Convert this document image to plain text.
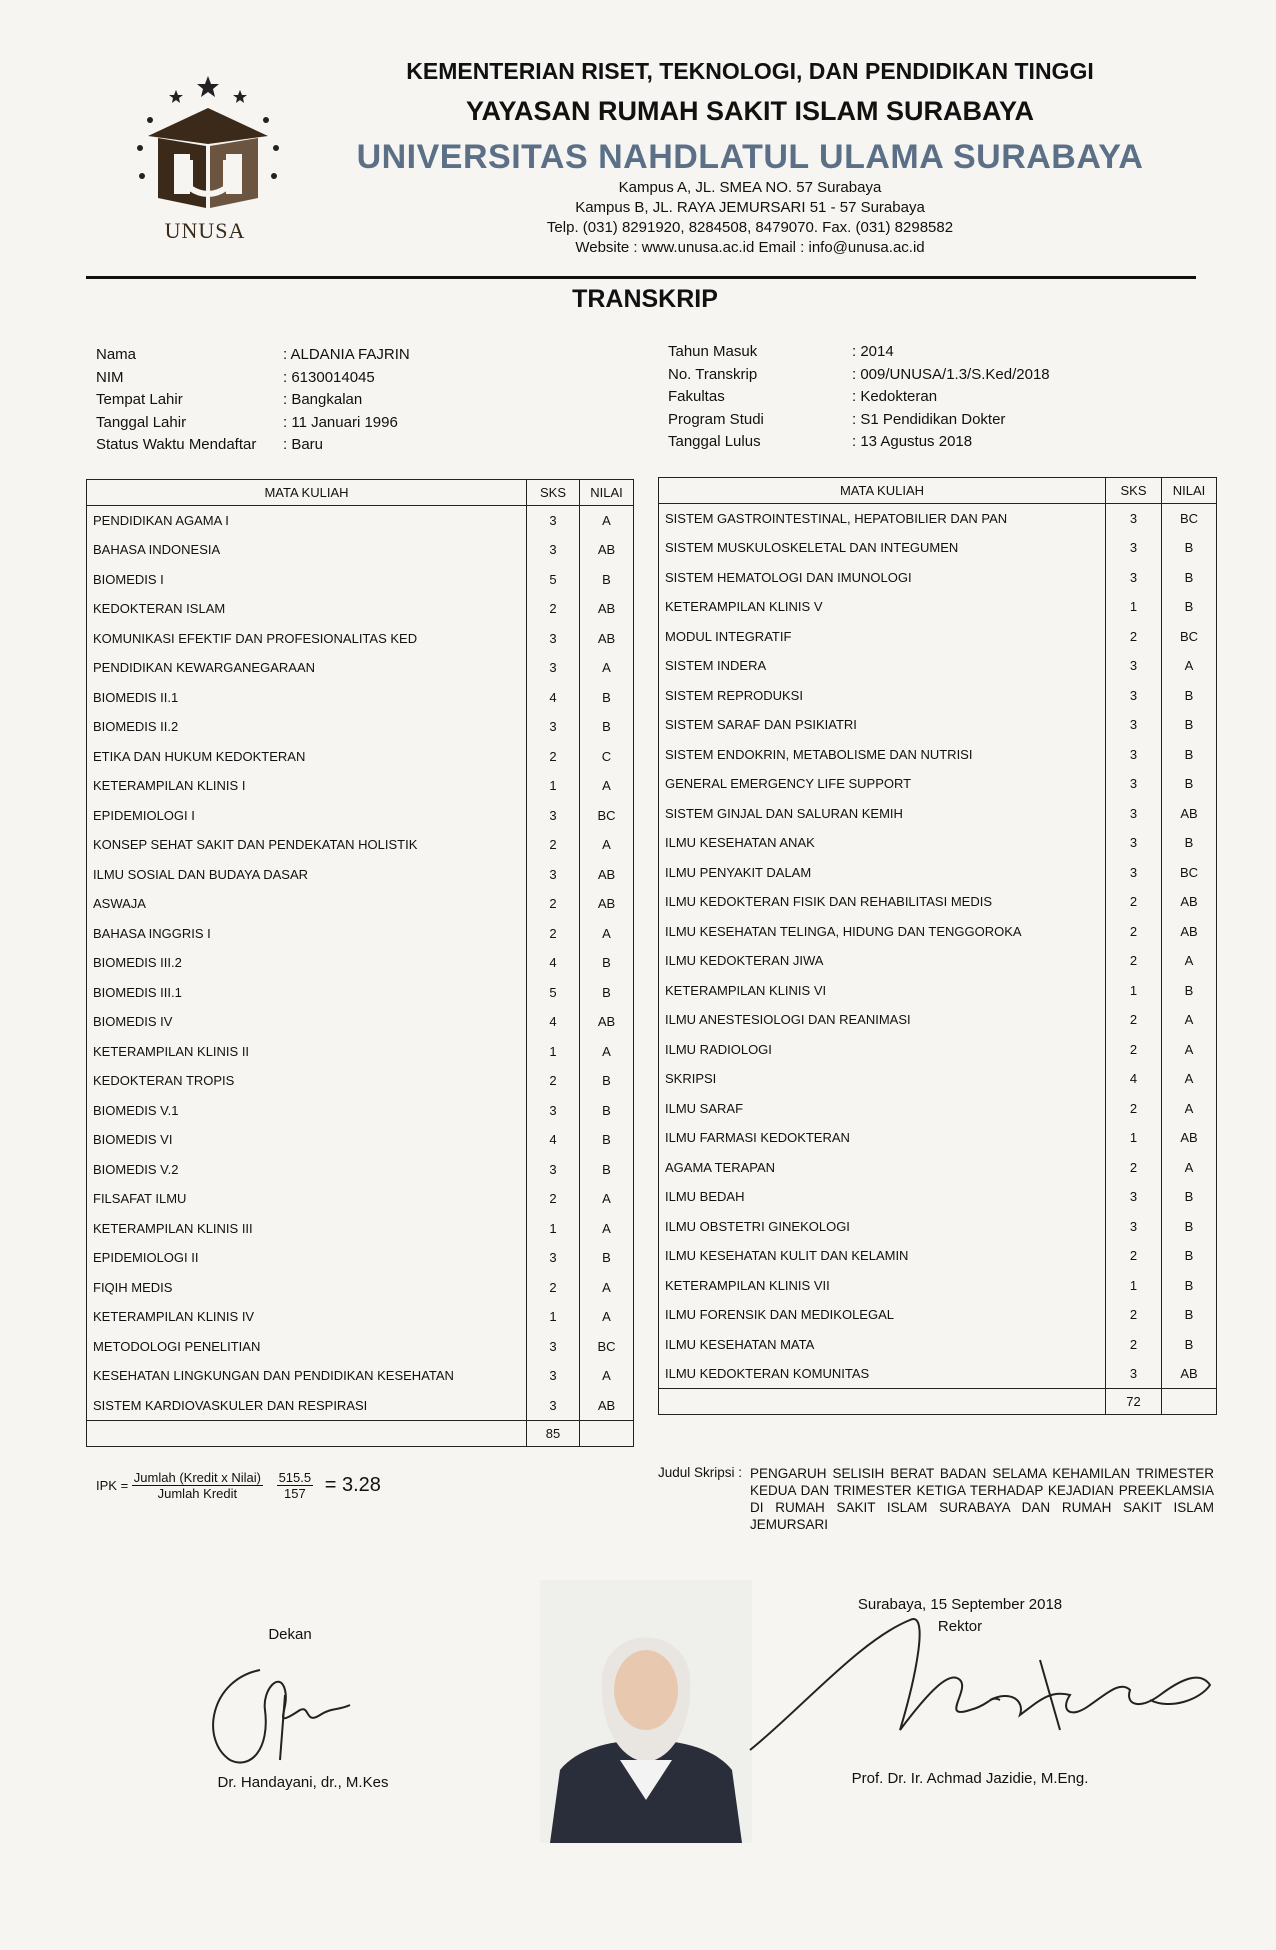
UNUSA
KEMENTERIAN RISET, TEKNOLOGI, DAN PENDIDIKAN TINGGI
YAYASAN RUMAH SAKIT ISLAM SURABAYA
UNIVERSITAS NAHDLATUL ULAMA SURABAYA
Kampus A, JL. SMEA NO. 57 Surabaya
Kampus B, JL. RAYA JEMURSARI 51 - 57 Surabaya
Telp. (031) 8291920, 8284508, 8479070. Fax. (031) 8298582
Website : www.unusa.ac.id Email : info@unusa.ac.id
TRANSKRIP
Nama	: ALDANIA FAJRIN
NIM	: 6130014045
Tempat Lahir	: Bangkalan
Tanggal Lahir	: 11 Januari 1996
Status Waktu Mendaftar	: Baru
Tahun Masuk	: 2014
No. Transkrip	: 009/UNUSA/1.3/S.Ked/2018
Fakultas	: Kedokteran
Program Studi	: S1 Pendidikan Dokter
Tanggal Lulus	: 13 Agustus 2018
MATA KULIAH	SKS	NILAI
PENDIDIKAN AGAMA I	3	A
BAHASA INDONESIA	3	AB
BIOMEDIS I	5	B
KEDOKTERAN ISLAM	2	AB
KOMUNIKASI EFEKTIF DAN PROFESIONALITAS KED	3	AB
PENDIDIKAN KEWARGANEGARAAN	3	A
BIOMEDIS II.1	4	B
BIOMEDIS II.2	3	B
ETIKA DAN HUKUM KEDOKTERAN	2	C
KETERAMPILAN KLINIS I	1	A
EPIDEMIOLOGI I	3	BC
KONSEP SEHAT SAKIT DAN PENDEKATAN HOLISTIK	2	A
ILMU SOSIAL DAN BUDAYA DASAR	3	AB
ASWAJA	2	AB
BAHASA INGGRIS I	2	A
BIOMEDIS III.2	4	B
BIOMEDIS III.1	5	B
BIOMEDIS IV	4	AB
KETERAMPILAN KLINIS II	1	A
KEDOKTERAN TROPIS	2	B
BIOMEDIS V.1	3	B
BIOMEDIS VI	4	B
BIOMEDIS V.2	3	B
FILSAFAT ILMU	2	A
KETERAMPILAN KLINIS III	1	A
EPIDEMIOLOGI II	3	B
FIQIH MEDIS	2	A
KETERAMPILAN KLINIS IV	1	A
METODOLOGI PENELITIAN	3	BC
KESEHATAN LINGKUNGAN DAN PENDIDIKAN KESEHATAN	3	A
SISTEM KARDIOVASKULER DAN RESPIRASI	3	AB
	85	
MATA KULIAH	SKS	NILAI
SISTEM GASTROINTESTINAL, HEPATOBILIER DAN PAN	3	BC
SISTEM MUSKULOSKELETAL DAN INTEGUMEN	3	B
SISTEM HEMATOLOGI DAN IMUNOLOGI	3	B
KETERAMPILAN KLINIS V	1	B
MODUL INTEGRATIF	2	BC
SISTEM INDERA	3	A
SISTEM REPRODUKSI	3	B
SISTEM SARAF DAN PSIKIATRI	3	B
SISTEM ENDOKRIN, METABOLISME DAN NUTRISI	3	B
GENERAL EMERGENCY LIFE SUPPORT	3	B
SISTEM GINJAL DAN SALURAN KEMIH	3	AB
ILMU KESEHATAN ANAK	3	B
ILMU PENYAKIT DALAM	3	BC
ILMU KEDOKTERAN FISIK DAN REHABILITASI MEDIS	2	AB
ILMU KESEHATAN TELINGA, HIDUNG DAN TENGGOROKA	2	AB
ILMU KEDOKTERAN JIWA	2	A
KETERAMPILAN KLINIS VI	1	B
ILMU ANESTESIOLOGI DAN REANIMASI	2	A
ILMU RADIOLOGI	2	A
SKRIPSI	4	A
ILMU SARAF	2	A
ILMU FARMASI KEDOKTERAN	1	AB
AGAMA TERAPAN	2	A
ILMU BEDAH	3	B
ILMU OBSTETRI GINEKOLOGI	3	B
ILMU KESEHATAN KULIT DAN KELAMIN	2	B
KETERAMPILAN KLINIS VII	1	B
ILMU FORENSIK DAN MEDIKOLEGAL	2	B
ILMU KESEHATAN MATA	2	B
ILMU KEDOKTERAN KOMUNITAS	3	AB
	72	
IPK = $\frac{\text{Jumlah (Kredit x Nilai)}}{\text{Jumlah Kredit}}$
$\frac{515.5}{157} = 3.28$
Judul Skripsi : PENGARUH SELISIH BERAT BADAN SELAMA KEHAMILAN TRIMESTER KEDUA DAN TRIMESTER KETIGA TERHADAP KEJADIAN PREEKLAMSIA DI RUMAH SAKIT ISLAM SURABAYA DAN RUMAH SAKIT ISLAM JEMURSARI
Dekan
Dr. Handayani, dr., M.Kes
Surabaya, 15 September 2018
Rektor
Prof. Dr. Ir. Achmad Jazidie, M.Eng.
